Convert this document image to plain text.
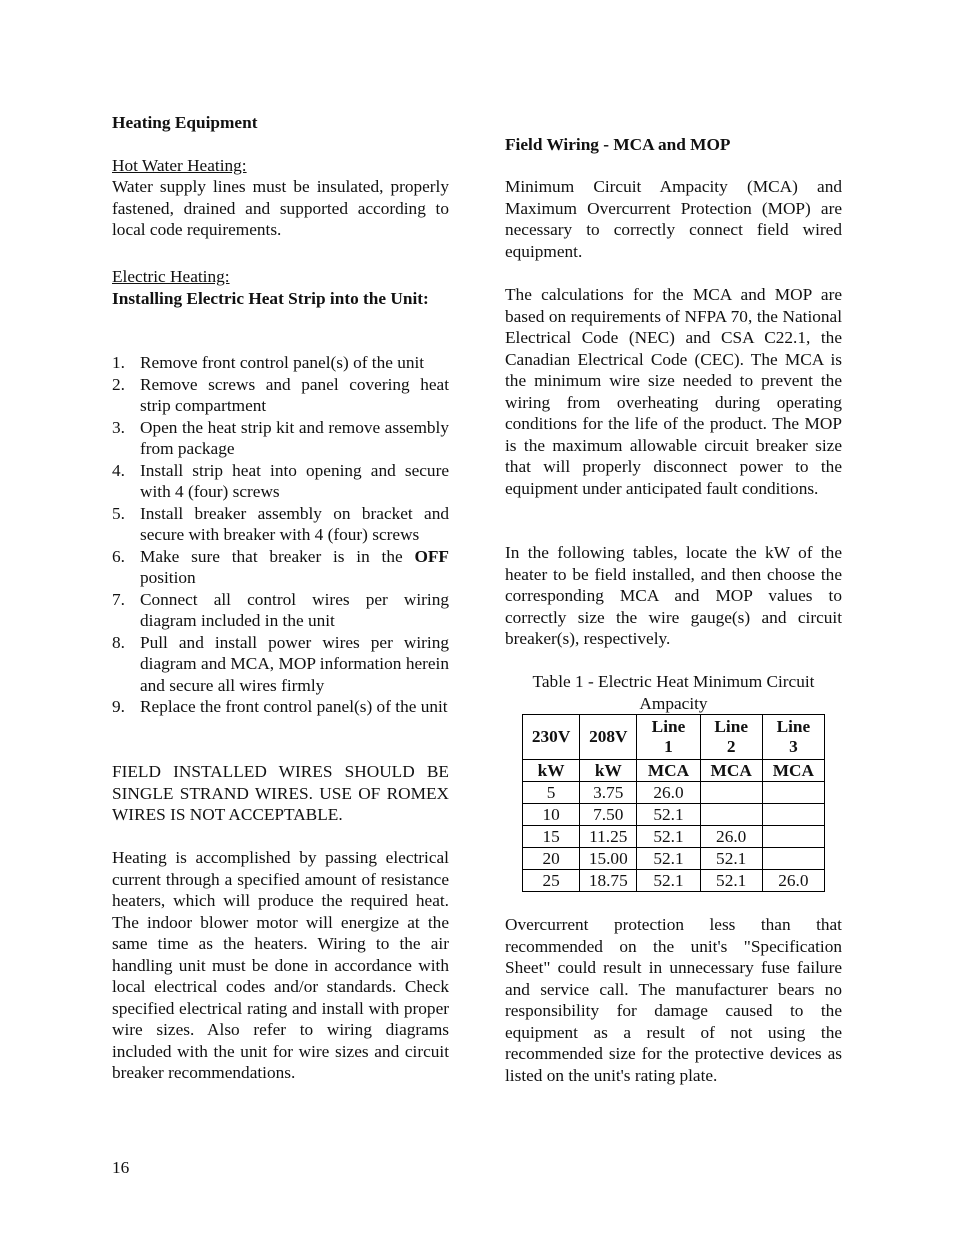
Heating Equipment

Hot Water Heating:

Water supply lines must be insulated, properly fastened, drained and supported according to local code requirements.

Electric Heating:

Installing Electric Heat Strip into the Unit:

1. Remove front control panel(s) of the unit
2. Remove screws and panel covering heat strip compartment
3. Open the heat strip kit and remove assembly from package
4. Install strip heat into opening and secure with 4 (four) screws
5. Install breaker assembly on bracket and secure with breaker with 4 (four) screws
6. Make sure that breaker is in the OFF position
7. Connect all control wires per wiring diagram included in the unit
8. Pull and install power wires per wiring diagram and MCA, MOP information herein and secure all wires firmly
9. Replace the front control panel(s) of the unit

FIELD INSTALLED WIRES SHOULD BE SINGLE STRAND WIRES. USE OF ROMEX WIRES IS NOT ACCEPTABLE.

Heating is accomplished by passing electrical current through a specified amount of resistance heaters, which will produce the required heat. The indoor blower motor will energize at the same time as the heaters. Wiring to the air handling unit must be done in accordance with local electrical codes and/or standards. Check specified electrical rating and install with proper wire sizes. Also refer to wiring diagrams included with the unit for wire sizes and circuit breaker recommendations.

Field Wiring - MCA and MOP

Minimum Circuit Ampacity (MCA) and Maximum Overcurrent Protection (MOP) are necessary to correctly connect field wired equipment.

The calculations for the MCA and MOP are based on requirements of NFPA 70, the National Electrical Code (NEC) and CSA C22.1, the Canadian Electrical Code (CEC). The MCA is the minimum wire size needed to prevent the wiring from overheating during operating conditions for the life of the product. The MOP is the maximum allowable circuit breaker size that will properly disconnect power to the equipment under anticipated fault conditions.

In the following tables, locate the kW of the heater to be field installed, and then choose the corresponding MCA and MOP values to correctly size the wire gauge(s) and circuit breaker(s), respectively.

Table 1 - Electric Heat Minimum Circuit Ampacity

230V	208V	Line 1	Line 2	Line 3
kW	kW	MCA	MCA	MCA
5	3.75	26.0		
10	7.50	52.1		
15	11.25	52.1	26.0	
20	15.00	52.1	52.1	
25	18.75	52.1	52.1	26.0

Overcurrent protection less than that recommended on the unit's "Specification Sheet" could result in unnecessary fuse failure and service call. The manufacturer bears no responsibility for damage caused to the equipment as a result of not using the recommended size for the protective devices as listed on the unit's rating plate.

16
